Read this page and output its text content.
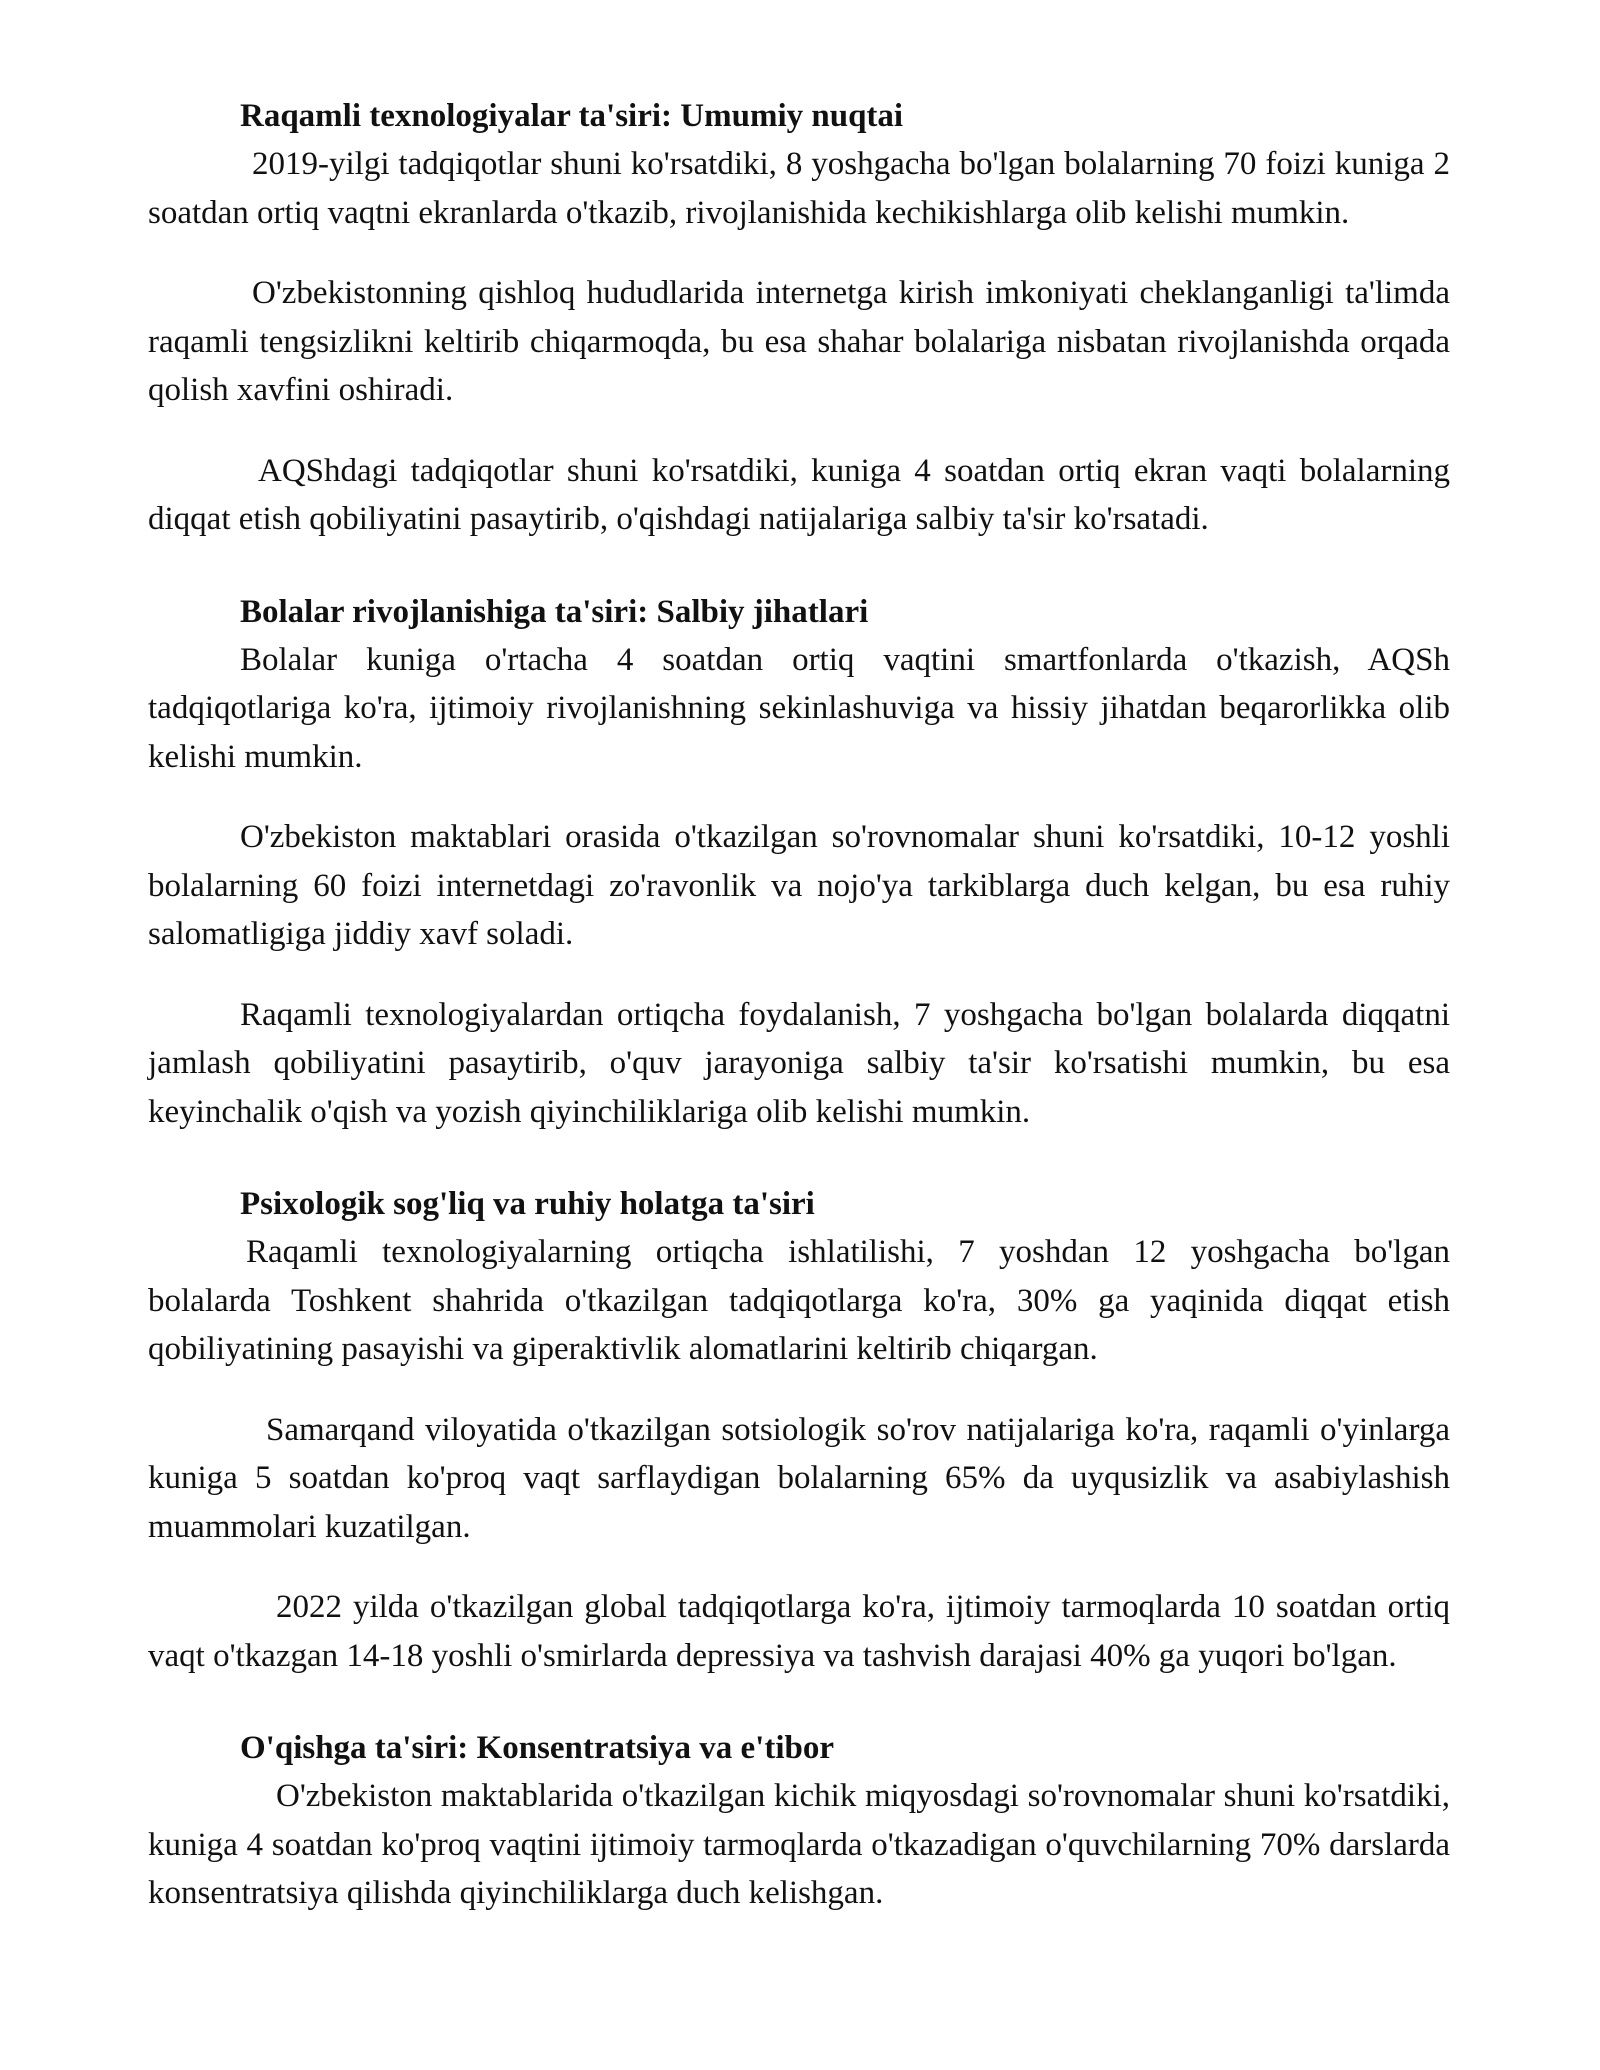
Raqamli texnologiyalar ta'siri: Umumiy nuqtai

2019-yilgi tadqiqotlar shuni ko'rsatdiki, 8 yoshgacha bo'lgan bolalarning 70 foizi kuniga 2 soatdan ortiq vaqtni ekranlarda o'tkazib, rivojlanishida kechikishlarga olib kelishi mumkin.

O'zbekistonning qishloq hududlarida internetga kirish imkoniyati cheklanganligi ta'limda raqamli tengsizlikni keltirib chiqarmoqda, bu esa shahar bolalariga nisbatan rivojlanishda orqada qolish xavfini oshiradi.

AQShdagi tadqiqotlar shuni ko'rsatdiki, kuniga 4 soatdan ortiq ekran vaqti bolalarning diqqat etish qobiliyatini pasaytirib, o'qishdagi natijalariga salbiy ta'sir ko'rsatadi.

Bolalar rivojlanishiga ta'siri: Salbiy jihatlari

Bolalar kuniga o'rtacha 4 soatdan ortiq vaqtini smartfonlarda o'tkazish, AQSh tadqiqotlariga ko'ra, ijtimoiy rivojlanishning sekinlashuviga va hissiy jihatdan beqarorlikka olib kelishi mumkin.

O'zbekiston maktablari orasida o'tkazilgan so'rovnomalar shuni ko'rsatdiki, 10-12 yoshli bolalarning 60 foizi internetdagi zo'ravonlik va nojo'ya tarkiblarga duch kelgan, bu esa ruhiy salomatligiga jiddiy xavf soladi.

Raqamli texnologiyalardan ortiqcha foydalanish, 7 yoshgacha bo'lgan bolalarda diqqatni jamlash qobiliyatini pasaytirib, o'quv jarayoniga salbiy ta'sir ko'rsatishi mumkin, bu esa keyinchalik o'qish va yozish qiyinchiliklariga olib kelishi mumkin.

Psixologik sog'liq va ruhiy holatga ta'siri

Raqamli texnologiyalarning ortiqcha ishlatilishi, 7 yoshdan 12 yoshgacha bo'lgan bolalarda Toshkent shahrida o'tkazilgan tadqiqotlarga ko'ra, 30% ga yaqinida diqqat etish qobiliyatining pasayishi va giperaktivlik alomatlarini keltirib chiqargan.

Samarqand viloyatida o'tkazilgan sotsiologik so'rov natijalariga ko'ra, raqamli o'yinlarga kuniga 5 soatdan ko'proq vaqt sarflaydigan bolalarning 65% da uyqusizlik va asabiylashish muammolari kuzatilgan.

2022 yilda o'tkazilgan global tadqiqotlarga ko'ra, ijtimoiy tarmoqlarda 10 soatdan ortiq vaqt o'tkazgan 14-18 yoshli o'smirlarda depressiya va tashvish darajasi 40% ga yuqori bo'lgan.

O'qishga ta'siri: Konsentratsiya va e'tibor

O'zbekiston maktablarida o'tkazilgan kichik miqyosdagi so'rovnomalar shuni ko'rsatdiki, kuniga 4 soatdan ko'proq vaqtini ijtimoiy tarmoqlarda o'tkazadigan o'quvchilarning 70% darslarda konsentratsiya qilishda qiyinchiliklarga duch kelishgan.
